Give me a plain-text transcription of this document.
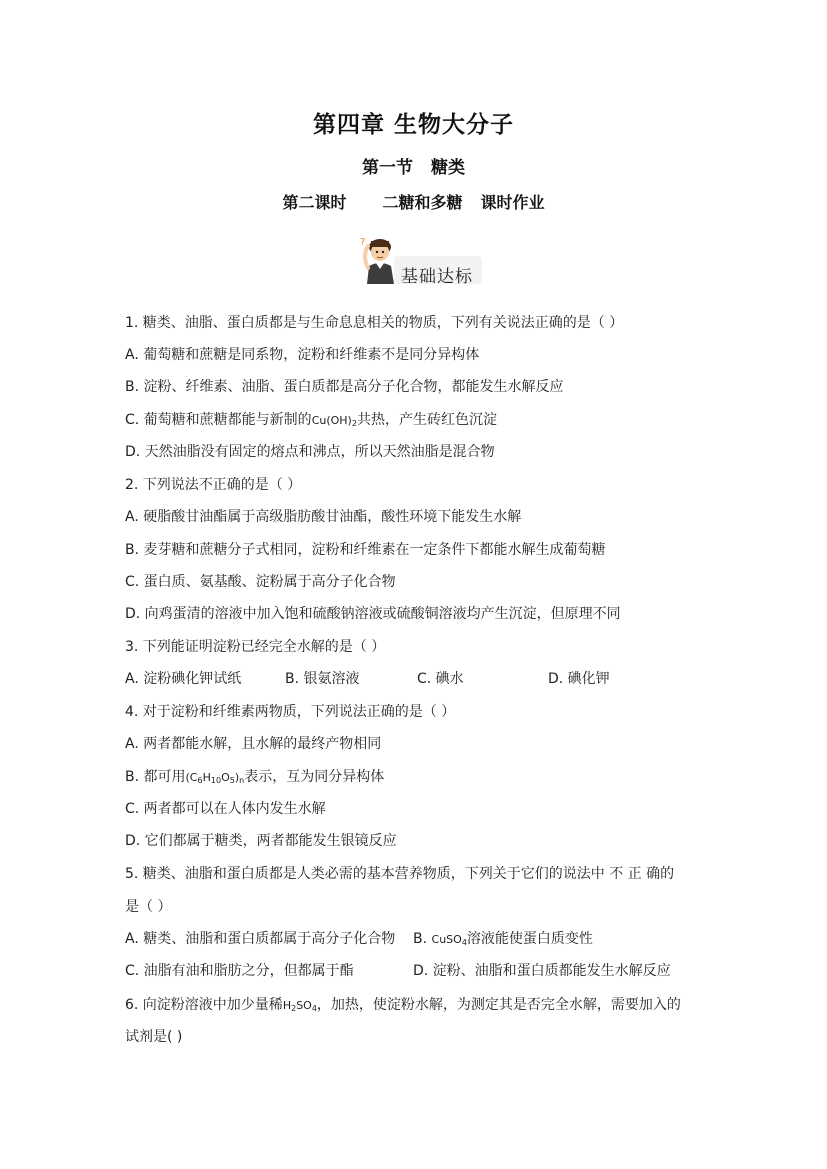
第四章 生物大分子
第一节 糖类
第二课时 二糖和多糖 课时作业
?
基础达标
1. 糖类、油脂、蛋白质都是与生命息息相关的物质，下列有关说法正确的是（ ）
A. 葡萄糖和蔗糖是同系物，淀粉和纤维素不是同分异构体
B. 淀粉、纤维素、油脂、蛋白质都是高分子化合物，都能发生水解反应
C. 葡萄糖和蔗糖都能与新制的$Cu(OH)_2$共热，产生砖红色沉淀
D. 天然油脂没有固定的熔点和沸点，所以天然油脂是混合物
2. 下列说法不正确的是（ ）
A. 硬脂酸甘油酯属于高级脂肪酸甘油酯，酸性环境下能发生水解
B. 麦芽糖和蔗糖分子式相同，淀粉和纤维素在一定条件下都能水解生成葡萄糖
C. 蛋白质、氨基酸、淀粉属于高分子化合物
D. 向鸡蛋清的溶液中加入饱和硫酸钠溶液或硫酸铜溶液均产生沉淀，但原理不同
3. 下列能证明淀粉已经完全水解的是（ ）
A. 淀粉碘化钾试纸	B. 银氨溶液	C. 碘水	D. 碘化钾
4. 对于淀粉和纤维素两物质，下列说法正确的是（ ）
A. 两者都能水解，且水解的最终产物相同
B. 都可用$(C_6H_{10}O_5)_n$表示，互为同分异构体
C. 两者都可以在人体内发生水解
D. 它们都属于糖类，两者都能发生银镜反应
5. 糖类、油脂和蛋白质都是人类必需的基本营养物质，下列关于它们的说法中 不 正 确的
是（ ）
A. 糖类、油脂和蛋白质都属于高分子化合物 B. CuSO$_4$溶液能使蛋白质变性
C. 油脂有油和脂肪之分，但都属于酯	D. 淀粉、油脂和蛋白质都能发生水解反应
6. 向淀粉溶液中加少量稀$H_2SO_4$，加热，使淀粉水解，为测定其是否完全水解，需要加入的
试剂是( )
